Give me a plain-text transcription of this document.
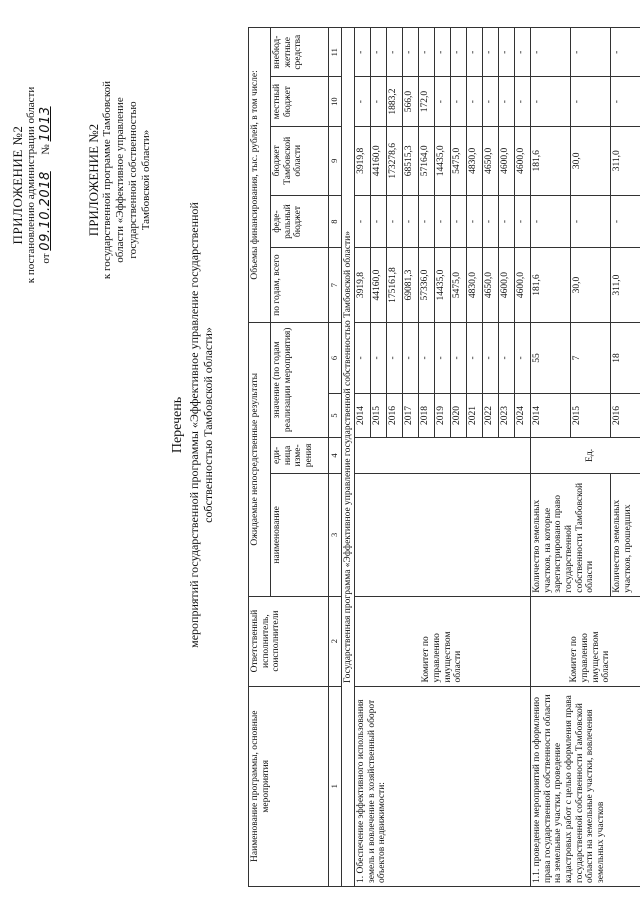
ПРИЛОЖЕНИЕ №2 к постановлению администрации области от 09.10.2018      № 1013	ПРИЛОЖЕНИЕ №2 к государственной программе Тамбовской области «Эффективное управление государственной собственностью Тамбовской области»
Перечень мероприятий государственной программы «Эффективное управление государственной собственностью Тамбовской области»
Наименование программы, основные мероприятия	Ответственный исполнитель, соисполнители	Ожидаемые непосредственные результаты				Объемы финансирования, тыс. рублей, в том числе:				
		наименование	еди-ница изме-рения	значение (по годам реализации мероприятия)		по годам, всего	феде-ральный бюджет	бюджет Тамбовской области	местный бюджет	внебюд-жетные средства
1	2	3	4	5	6	7	8	9	10	11
Государственная программа «Эффективное управление государственной собственностью Тамбовской области»										
1. Обеспечение эффективного использования земель и вовлечение в хозяйственный оборот объектов недвижимости:	Комитет по управлению имуществом области			2014	-	3919,8	-	3919,8	-	-
				2015	-	44160,0	-	44160,0	-	-
				2016	-	175161,8	-	173278,6	1883,2	-
				2017	-	69081,3	-	68515,3	566,0	-
				2018	-	57336,0	-	57164,0	172,0	-
				2019	-	14435,0	-	14435,0	-	-
				2020	-	5475,0	-	5475,0	-	-
				2021	-	4830,0	-	4830,0	-	-
				2022	-	4650,0	-	4650,0	-	-
				2023	-	4600,0	-	4600,0	-	-
				2024	-	4600,0	-	4600,0	-	-
1.1. проведение мероприятий по оформлению права государственной собственности области на земельные участки, проведение кадастровых работ с целью оформления права государственной собственности Тамбовской области на земельные участки, вовлечения земельных участков	Комитет по управлению имуществом области	Количество земельных участков, на которые зарегистрировано право государственной собственности Тамбовской области	Ед.	2014	55	181,6	-	181,6	-	-
				2015	7	30,0	-	30,0	-	-
		Количество земельных участков, прошедших		2016	18	311,0	-	311,0	-	-
